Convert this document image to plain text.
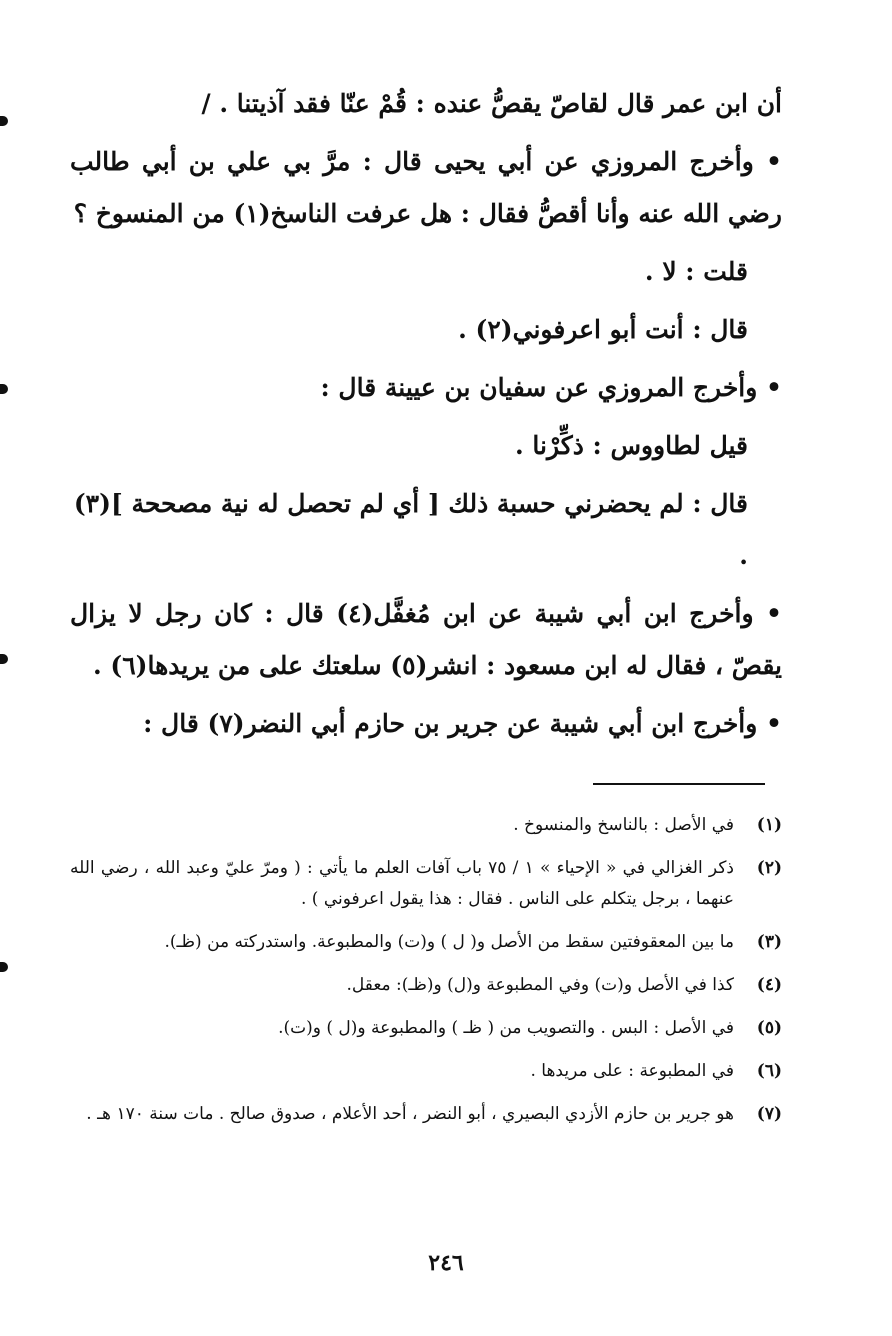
أن ابن عمر قال لقاصّ يقصُّ عنده : قُمْ عنّا فقد آذيتنا . /

• وأخرج المروزي عن أبي يحيى قال : مرَّ بي علي بن أبي طالب رضي الله عنه وأنا أقصُّ فقال : هل عرفت الناسخ(١) من المنسوخ ؟

قلت : لا .

قال : أنت أبو اعرفوني(٢) .

• وأخرج المروزي عن سفيان بن عيينة قال :

قيل لطاووس : ذكِّرْنا .

قال : لم يحضرني حسبة ذلك [ أي لم تحصل له نية مصححة ](٣) .

• وأخرج ابن أبي شيبة عن ابن مُغفَّل(٤) قال : كان رجل لا يزال يقصّ ، فقال له ابن مسعود : انشر(٥) سلعتك على من يريدها(٦) .

• وأخرج ابن أبي شيبة عن جرير بن حازم أبي النضر(٧) قال :

(١)
في الأصل : بالناسخ والمنسوخ .
(٢)
ذكر الغزالي في « الإحياء » ١ / ٧٥ باب آفات العلم ما يأتي : ( ومرّ عليّ وعبد الله ، رضي الله عنهما ، برجل يتكلم على الناس . فقال : هذا يقول اعرفوني ) .
(٣)
ما بين المعقوفتين سقط من الأصل و( ل ) و(ت) والمطبوعة. واستدركته من (ظـ).
(٤)
كذا في الأصل و(ت) وفي المطبوعة و(ل) و(ظـ): معقل.
(٥)
في الأصل : البس . والتصويب من ( ظـ ) والمطبوعة و(ل ) و(ت).
(٦)
في المطبوعة : على مريدها .
(٧)
هو جرير بن حازم الأزدي البصيري ، أبو النضر ، أحد الأعلام ، صدوق صالح . مات سنة ١٧٠ هـ .
٢٤٦
